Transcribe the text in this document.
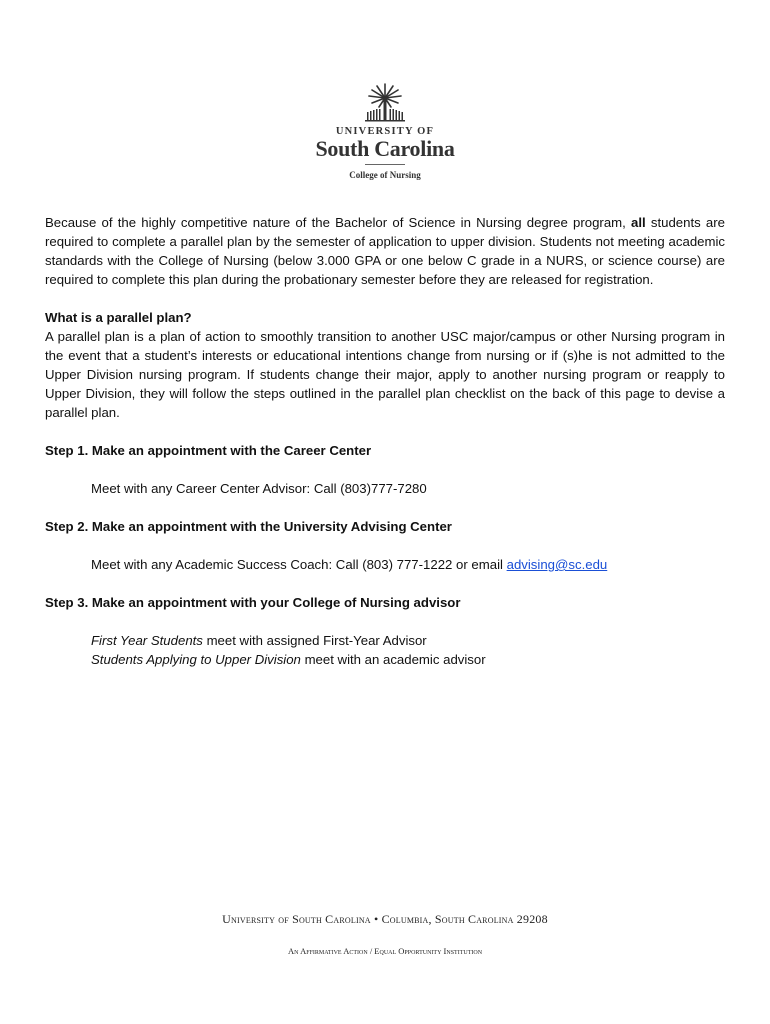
UNIVERSITY OF
South Carolina
College of Nursing

Because of the highly competitive nature of the Bachelor of Science in Nursing degree program, all students are required to complete a parallel plan by the semester of application to upper division. Students not meeting academic standards with the College of Nursing (below 3.000 GPA or one below C grade in a NURS, or science course) are required to complete this plan during the probationary semester before they are released for registration.

What is a parallel plan?

A parallel plan is a plan of action to smoothly transition to another USC major/campus or other Nursing program in the event that a student’s interests or educational intentions change from nursing or if (s)he is not admitted to the Upper Division nursing program. If students change their major, apply to another nursing program or reapply to Upper Division, they will follow the steps outlined in the parallel plan checklist on the back of this page to devise a parallel plan.

Step 1. Make an appointment with the Career Center

Meet with any Career Center Advisor: Call (803)777-7280

Step 2. Make an appointment with the University Advising Center

Meet with any Academic Success Coach: Call (803) 777-1222 or email advising@sc.edu

Step 3. Make an appointment with your College of Nursing advisor

First Year Students meet with assigned First-Year Advisor

Students Applying to Upper Division meet with an academic advisor

University of South Carolina • Columbia, South Carolina 29208
An Affirmative Action / Equal Opportunity Institution
